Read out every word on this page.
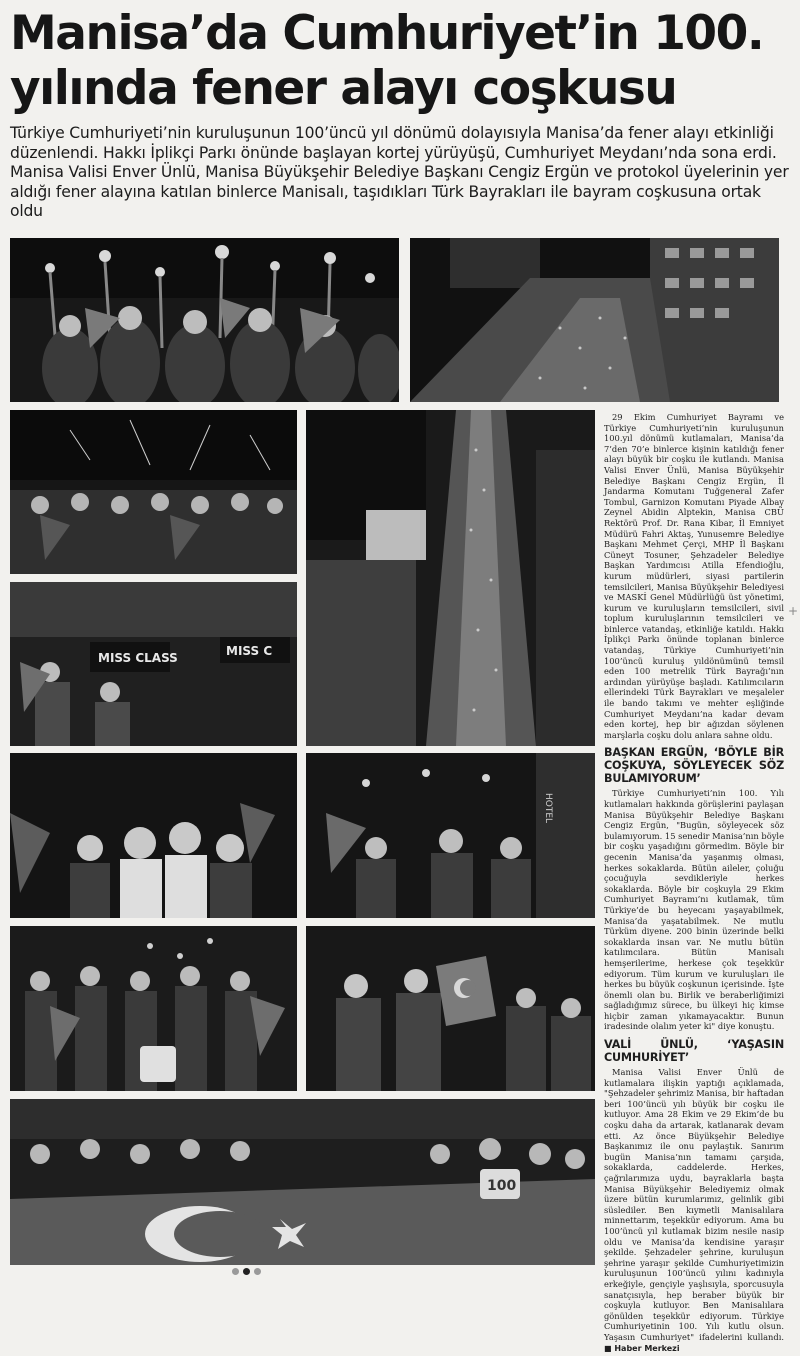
Manisa’da Cumhuriyet’in 100. yılında fener alayı coşkusu

Türkiye Cumhuriyeti’nin kuruluşunun 100’üncü yıl dönümü dolayısıyla Manisa’da fener alayı etkinliği düzenlendi. Hakkı İplikçi Parkı önünde başlayan kortej yürüyüşü, Cumhuriyet Meydanı’nda sona erdi. Manisa Valisi Enver Ünlü, Manisa Büyükşehir Belediye Başkanı Cengiz Ergün ve protokol üyelerinin yer aldığı fener alayına katılan binlerce Manisalı, taşıdıkları Türk Bayrakları ile bayram coşkusuna ortak oldu

MISS CLASS	MISS C
HOTEL
100

29 Ekim Cumhuriyet Bayramı ve Türkiye Cumhuriyeti’nin kuruluşunun 100.yıl dönümü kutlamaları, Manisa’da 7’den 70’e binlerce kişinin katıldığı fener alayı büyük bir coşku ile kutlandı. Manisa Valisi Enver Ünlü, Manisa Büyükşehir Belediye Başkanı Cengiz Ergün, İl Jandarma Komutanı Tuğgeneral Zafer Tombul, Garnizon Komutanı Piyade Albay Zeynel Abidin Alptekin, Manisa CBÜ Rektörü Prof. Dr. Rana Kibar, İl Emniyet Müdürü Fahri Aktaş, Yunusemre Belediye Başkanı Mehmet Çerçi, MHP İl Başkanı Cüneyt Tosuner, Şehzadeler Belediye Başkan Yardımcısı Atilla Efendioğlu, kurum müdürleri, siyasi partilerin temsilcileri, Manisa Büyükşehir Belediyesi ve MASKİ Genel Müdürlüğü üst yönetimi, kurum ve kuruluşların temsilcileri, sivil toplum kuruluşlarının temsilcileri ve binlerce vatandaş, etkinliğe katıldı. Hakkı İplikçi Parkı önünde toplanan binlerce vatandaş, Türkiye Cumhuriyeti’nin 100’üncü kuruluş yıldönümünü temsil eden 100 metrelik Türk Bayrağı’nın ardından yürüyüşe başladı. Katılımcıların ellerindeki Türk Bayrakları ve meşaleler ile bando takımı ve mehter eşliğinde Cumhuriyet Meydanı’na kadar devam eden kortej, hep bir ağızdan söylenen marşlarla coşku dolu anlara sahne oldu.

BAŞKAN ERGÜN, ‘BÖYLE BİR COŞKUYA, SÖYLEYECEK SÖZ BULAMIYORUM’

Türkiye Cumhuriyeti’nin 100. Yılı kutlamaları hakkında görüşlerini paylaşan Manisa Büyükşehir Belediye Başkanı Cengiz Ergün, "Bugün, söyleyecek söz bulamıyorum. 15 senedir Manisa’nın böyle bir coşku yaşadığını görmedim. Böyle bir gecenin Manisa’da yaşanmış olması, herkes sokaklarda. Bütün aileler, çoluğu çocuğuyla sevdikleriyle herkes sokaklarda. Böyle bir coşkuyla 29 Ekim Cumhuriyet Bayramı’nı kutlamak, tüm Türkiye’de bu heyecanı yaşayabilmek, Manisa’da yaşatabilmek. Ne mutlu Türküm diyene. 200 binin üzerinde belki sokaklarda insan var. Ne mutlu bütün katılımcılara. Bütün Manisalı hemşerilerime, herkese çok teşekkür ediyorum. Tüm kurum ve kuruluşları ile herkes bu büyük coşkunun içerisinde. İşte önemli olan bu. Birlik ve beraberliğimizi sağladığımız sürece, bu ülkeyi hiç kimse hiçbir zaman yıkamayacaktır. Bunun iradesinde olalım yeter ki" diye konuştu.

VALİ ÜNLÜ, ‘YAŞASIN CUMHURİYET’

Manisa Valisi Enver Ünlü de kutlamalara ilişkin yaptığı açıklamada, "Şehzadeler şehrimiz Manisa, bir haftadan beri 100’üncü yılı büyük bir coşku ile kutluyor. Ama 28 Ekim ve 29 Ekim’de bu coşku daha da artarak, katlanarak devam etti. Az önce Büyükşehir Belediye Başkanımız ile onu paylaştık. Sanırım bugün Manisa’nın tamamı çarşıda, sokaklarda, caddelerde. Herkes, çağrılarımıza uydu, bayraklarla başta Manisa Büyükşehir Belediyemiz olmak üzere bütün kurumlarımız, gelinlik gibi süslediler. Ben kıymetli Manisalılara minnettarım, teşekkür ediyorum. Ama bu 100’üncü yıl kutlamak bizim nesile nasip oldu ve Manisa’da kendisine yaraşır şekilde. Şehzadeler şehrine, kuruluşun şehrine yaraşır şekilde Cumhuriyetimizin kuruluşunun 100’üncü yılını kadınıyla erkeğiyle, gençiyle yaşlısıyla, sporcusuyla sanatçısıyla, hep beraber büyük bir coşkuyla kutluyor. Ben Manisalılara gönülden teşekkür ediyorum. Türkiye Cumhuriyetinin 100. Yılı kutlu olsun. Yaşasın Cumhuriyet" ifadelerini kullandı. ■ Haber Merkezi

+
